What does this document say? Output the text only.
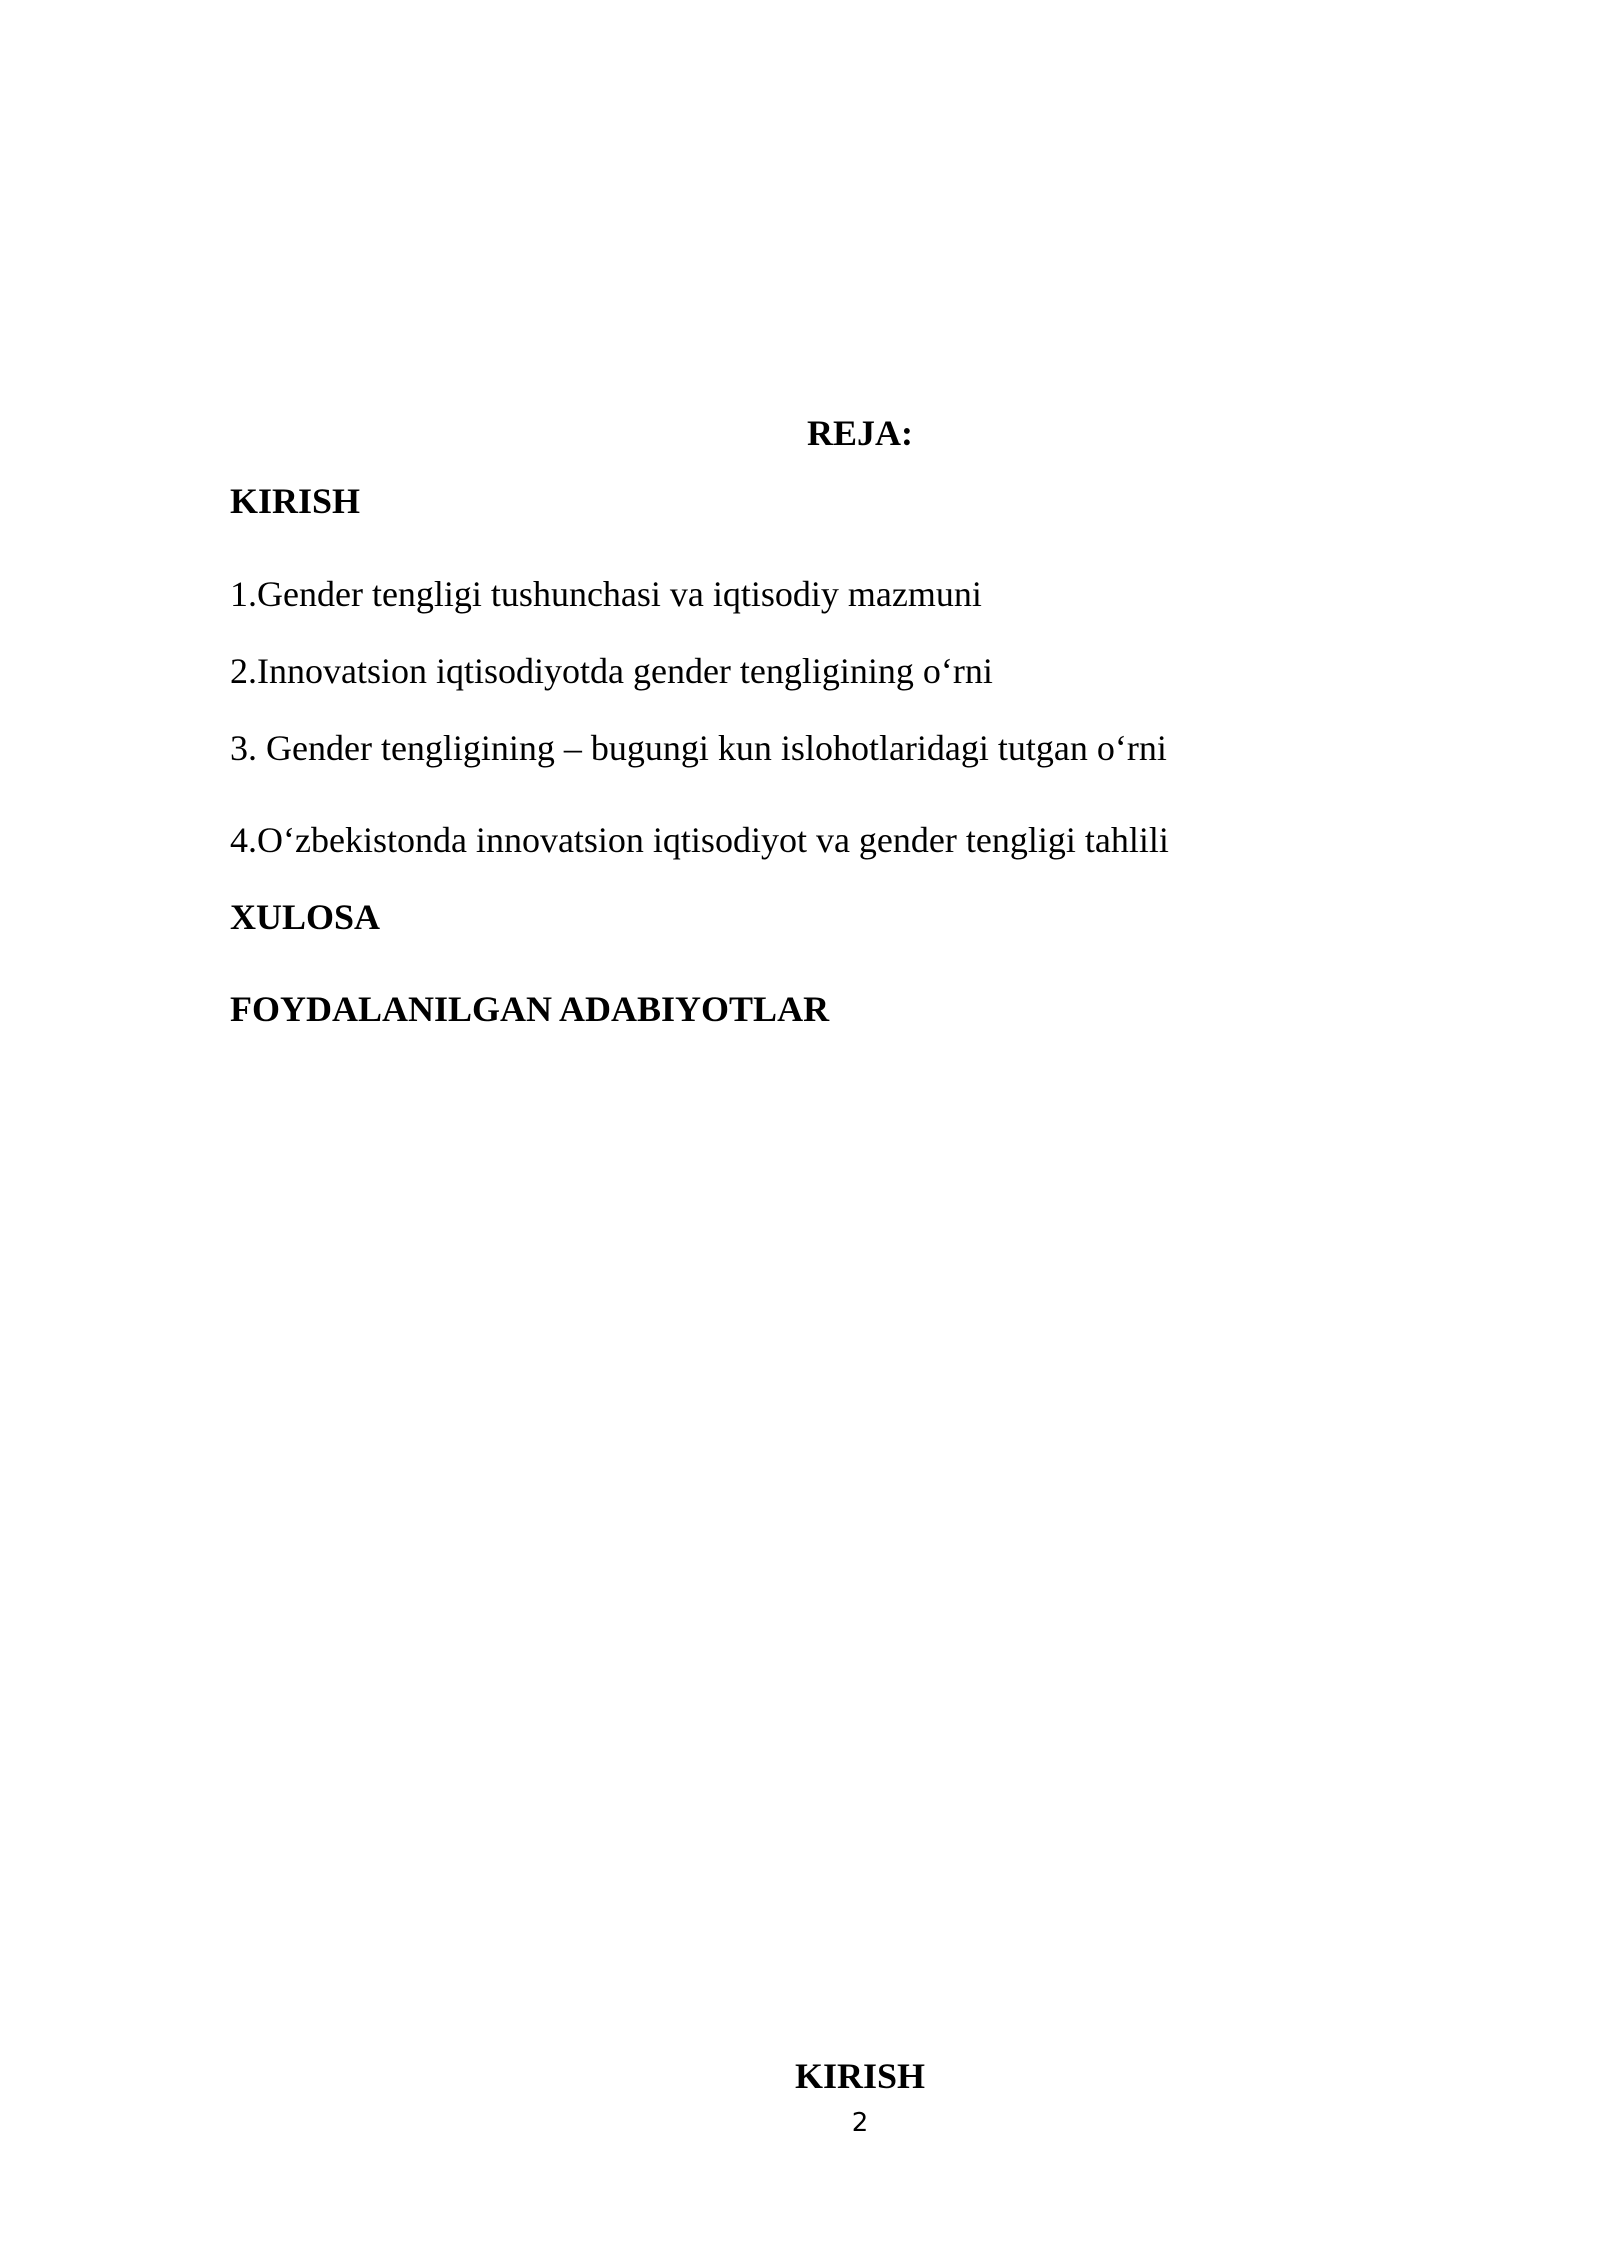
REJA:
KIRISH
1.Gender tengligi tushunchasi va iqtisodiy mazmuni
2.Innovatsion iqtisodiyotda gender tengligining o‘rni
3. Gender tengligining – bugungi kun islohotlaridagi tutgan o‘rni
4.O‘zbekistonda innovatsion iqtisodiyot va gender tengligi tahlili
XULOSA
FOYDALANILGAN ADABIYOTLAR
KIRISH
2
